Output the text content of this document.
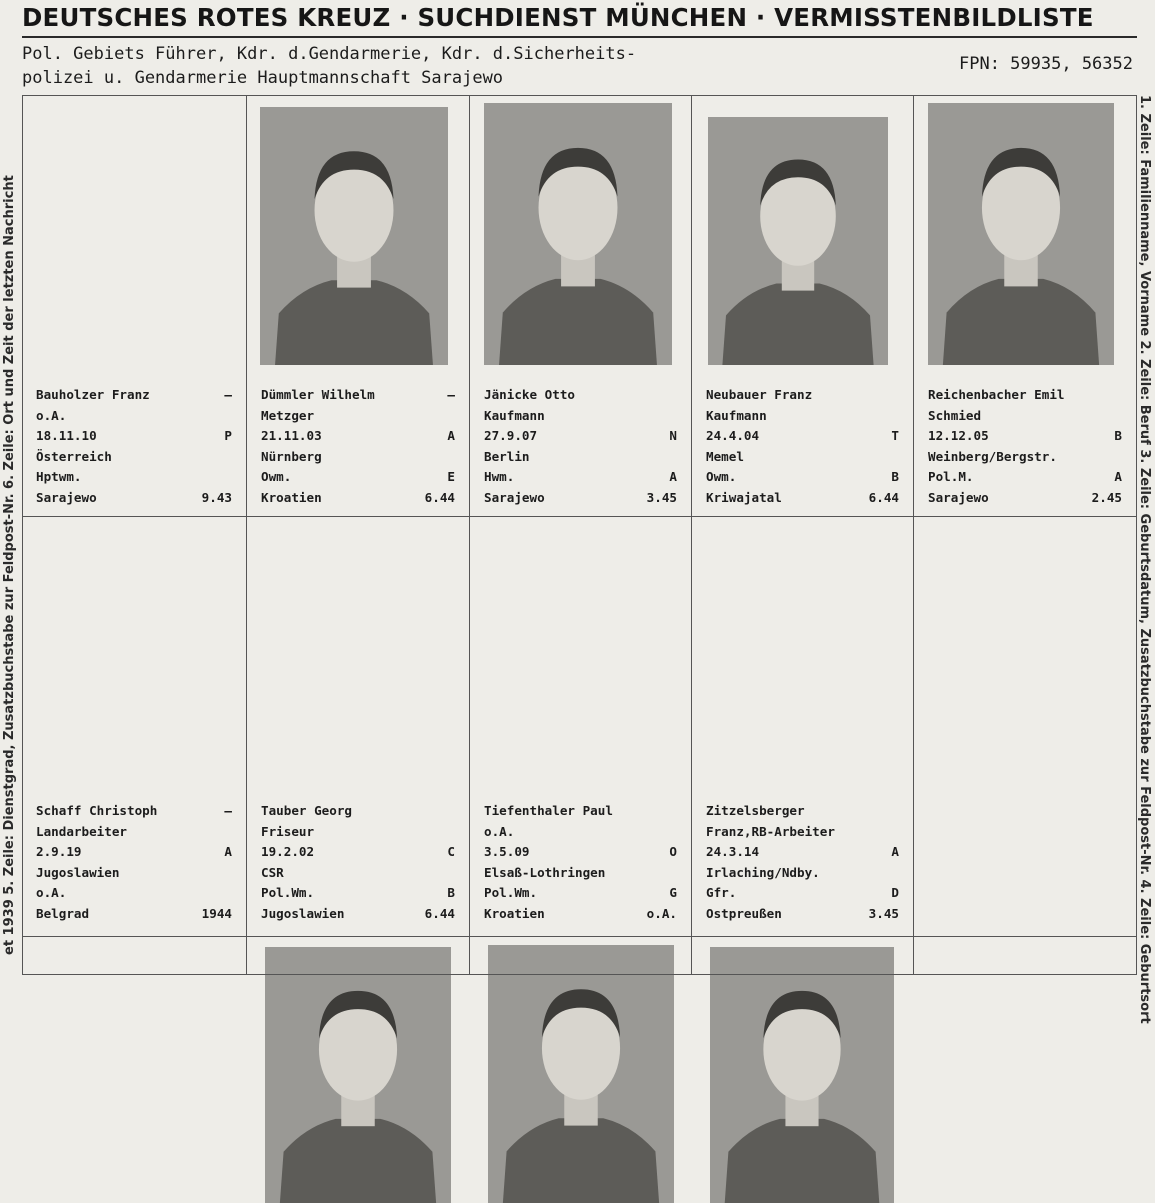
DEUTSCHES ROTES KREUZ · SUCHDIENST MÜNCHEN · VERMISSTENBILDLISTE
Pol. Gebiets Führer, Kdr. d.Gendarmerie, Kdr. d.Sicherheits-
polizei u. Gendarmerie Hauptmannschaft Sarajewo
FPN: 59935, 56352
et 1939 5. Zeile: Dienstgrad, Zusatzbuchstabe zur Feldpost-Nr. 6. Zeile: Ort und Zeit der letzten Nachricht	1. Zeile: Familienname, Vorname 2. Zeile: Beruf 3. Zeile: Geburtsdatum, Zusatzbuchstabe zur Feldpost-Nr. 4. Zeile: Geburtsort
Bauholzer Franz	–
o.A.
18.11.10	P
Österreich
Hptwm.
Sarajewo	9.43
Dümmler Wilhelm	–
Metzger
21.11.03	A
Nürnberg
Owm.	E
Kroatien	6.44
Jänicke Otto
Kaufmann
27.9.07	N
Berlin
Hwm.	A
Sarajewo	3.45
Neubauer Franz
Kaufmann
24.4.04	T
Memel
Owm.	B
Kriwajatal	6.44
Reichenbacher Emil
Schmied
12.12.05	B
Weinberg/Bergstr.
Pol.M.	A
Sarajewo	2.45
Schaff Christoph	–
Landarbeiter
2.9.19	A
Jugoslawien
o.A.
Belgrad	1944
Tauber Georg
Friseur
19.2.02	C
CSR
Pol.Wm.	B
Jugoslawien	6.44
Tiefenthaler Paul
o.A.
3.5.09	O
Elsaß-Lothringen
Pol.Wm.	G
Kroatien	o.A.
Zitzelsberger
Franz,RB-Arbeiter
24.3.14	A
Irlaching/Ndby.
Gfr.	D
Ostpreußen	3.45
